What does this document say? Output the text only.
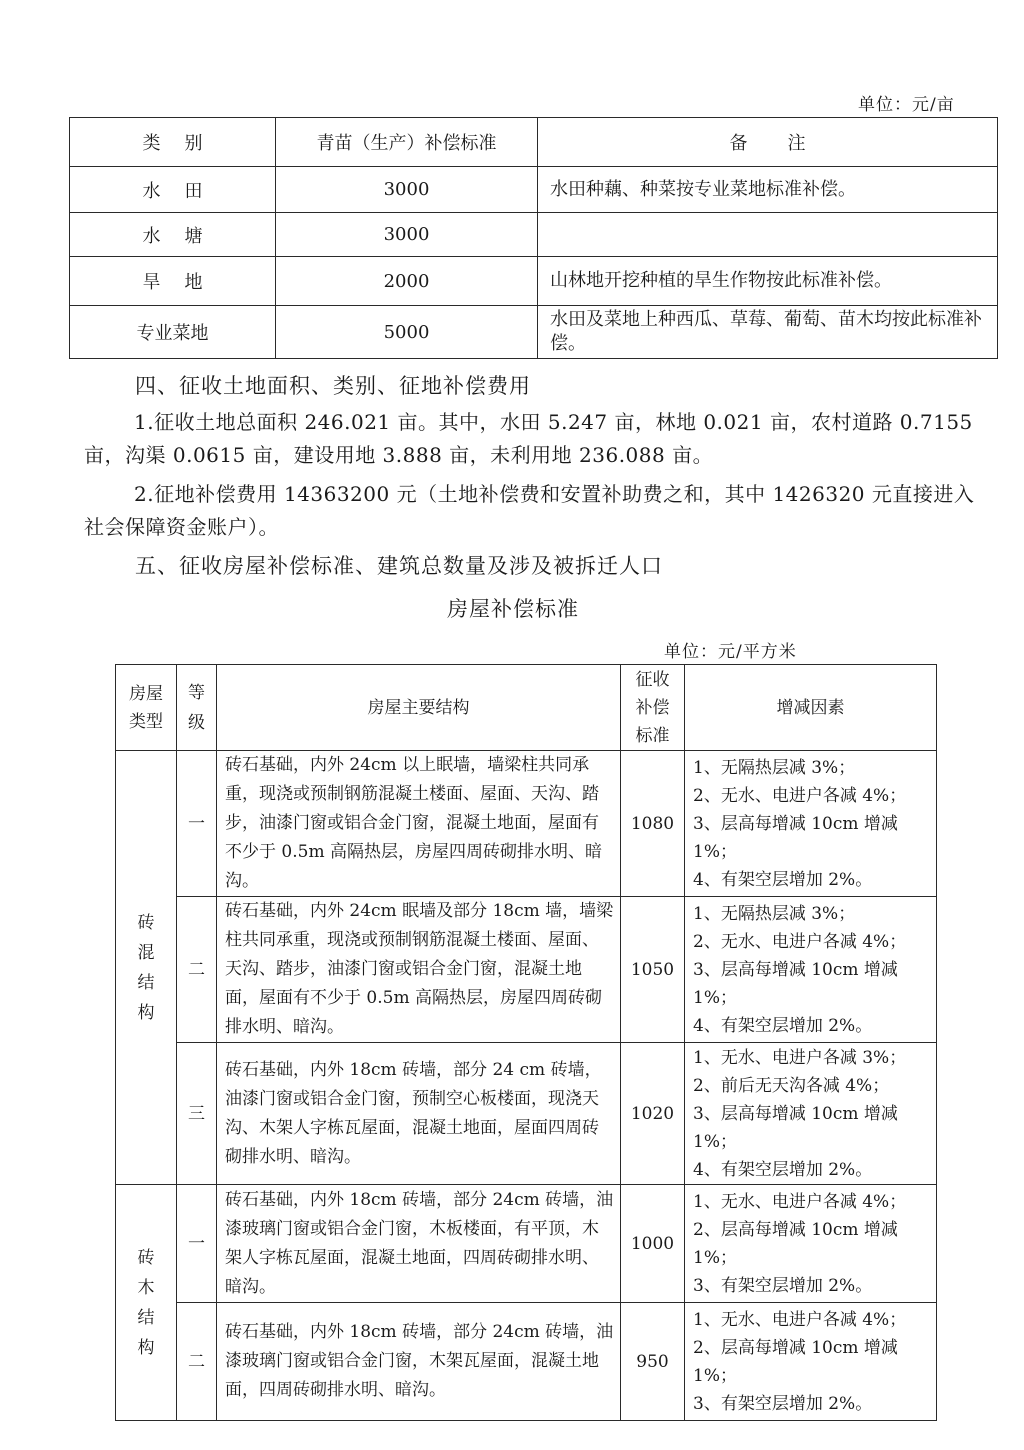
单位：元/亩
类别	青苗（生产）补偿标准	备注
水田	3000	水田种藕、种菜按专业菜地标准补偿。
水塘	3000	
旱地	2000	山林地开挖种植的旱生作物按此标准补偿。
专业菜地	5000	水田及菜地上种西瓜、草莓、葡萄、苗木均按此标准补偿。
四、征收土地面积、类别、征地补偿费用
1.征收土地总面积 246.021 亩。其中，水田 5.247 亩，林地 0.021 亩，农村道路 0.7155 亩，沟渠 0.0615 亩，建设用地 3.888 亩，未利用地 236.088 亩。
2.征地补偿费用 14363200 元（土地补偿费和安置补助费之和，其中 1426320 元直接进入社会保障资金账户）。
五、征收房屋补偿标准、建筑总数量及涉及被拆迁人口
房屋补偿标准
单位：元/平方米
房屋类型	等级	房屋主要结构	征收补偿标准	增减因素

砖混结构	一	砖石基础，内外 24cm 以上眠墙，墙梁柱共同承重，现浇或预制钢筋混凝土楼面、屋面、天沟、踏步，油漆门窗或铝合金门窗，混凝土地面，屋面有不少于 0.5m 高隔热层，房屋四周砖砌排水明、暗沟。	1080	1、无隔热层减 3%；
2、无水、电进户各减 4%；
3、层高每增减 10cm 增减 1%；
4、有架空层增加 2%。

	二	砖石基础，内外 24cm 眠墙及部分 18cm 墙，墙梁柱共同承重，现浇或预制钢筋混凝土楼面、屋面、天沟、踏步，油漆门窗或铝合金门窗，混凝土地面，屋面有不少于 0.5m 高隔热层，房屋四周砖砌排水明、暗沟。	1050	1、无隔热层减 3%；
2、无水、电进户各减 4%；
3、层高每增减 10cm 增减 1%；
4、有架空层增加 2%。

	三	砖石基础，内外 18cm 砖墙，部分 24 cm 砖墙，油漆门窗或铝合金门窗，预制空心板楼面，现浇天沟、木架人字栋瓦屋面，混凝土地面，屋面四周砖砌排水明、暗沟。	1020	1、无水、电进户各减 3%；
2、前后无天沟各减 4%；
3、层高每增减 10cm 增减 1%；
4、有架空层增加 2%。

砖木结构	一	砖石基础，内外 18cm 砖墙，部分 24cm 砖墙，油漆玻璃门窗或铝合金门窗，木板楼面，有平顶，木架人字栋瓦屋面，混凝土地面，四周砖砌排水明、暗沟。	1000	1、无水、电进户各减 4%；
2、层高每增减 10cm 增减 1%；
3、有架空层增加 2%。

	二	砖石基础，内外 18cm 砖墙，部分 24cm 砖墙，油漆玻璃门窗或铝合金门窗，木架瓦屋面，混凝土地面，四周砖砌排水明、暗沟。	950	1、无水、电进户各减 4%；
2、层高每增减 10cm 增减 1%；
3、有架空层增加 2%。
